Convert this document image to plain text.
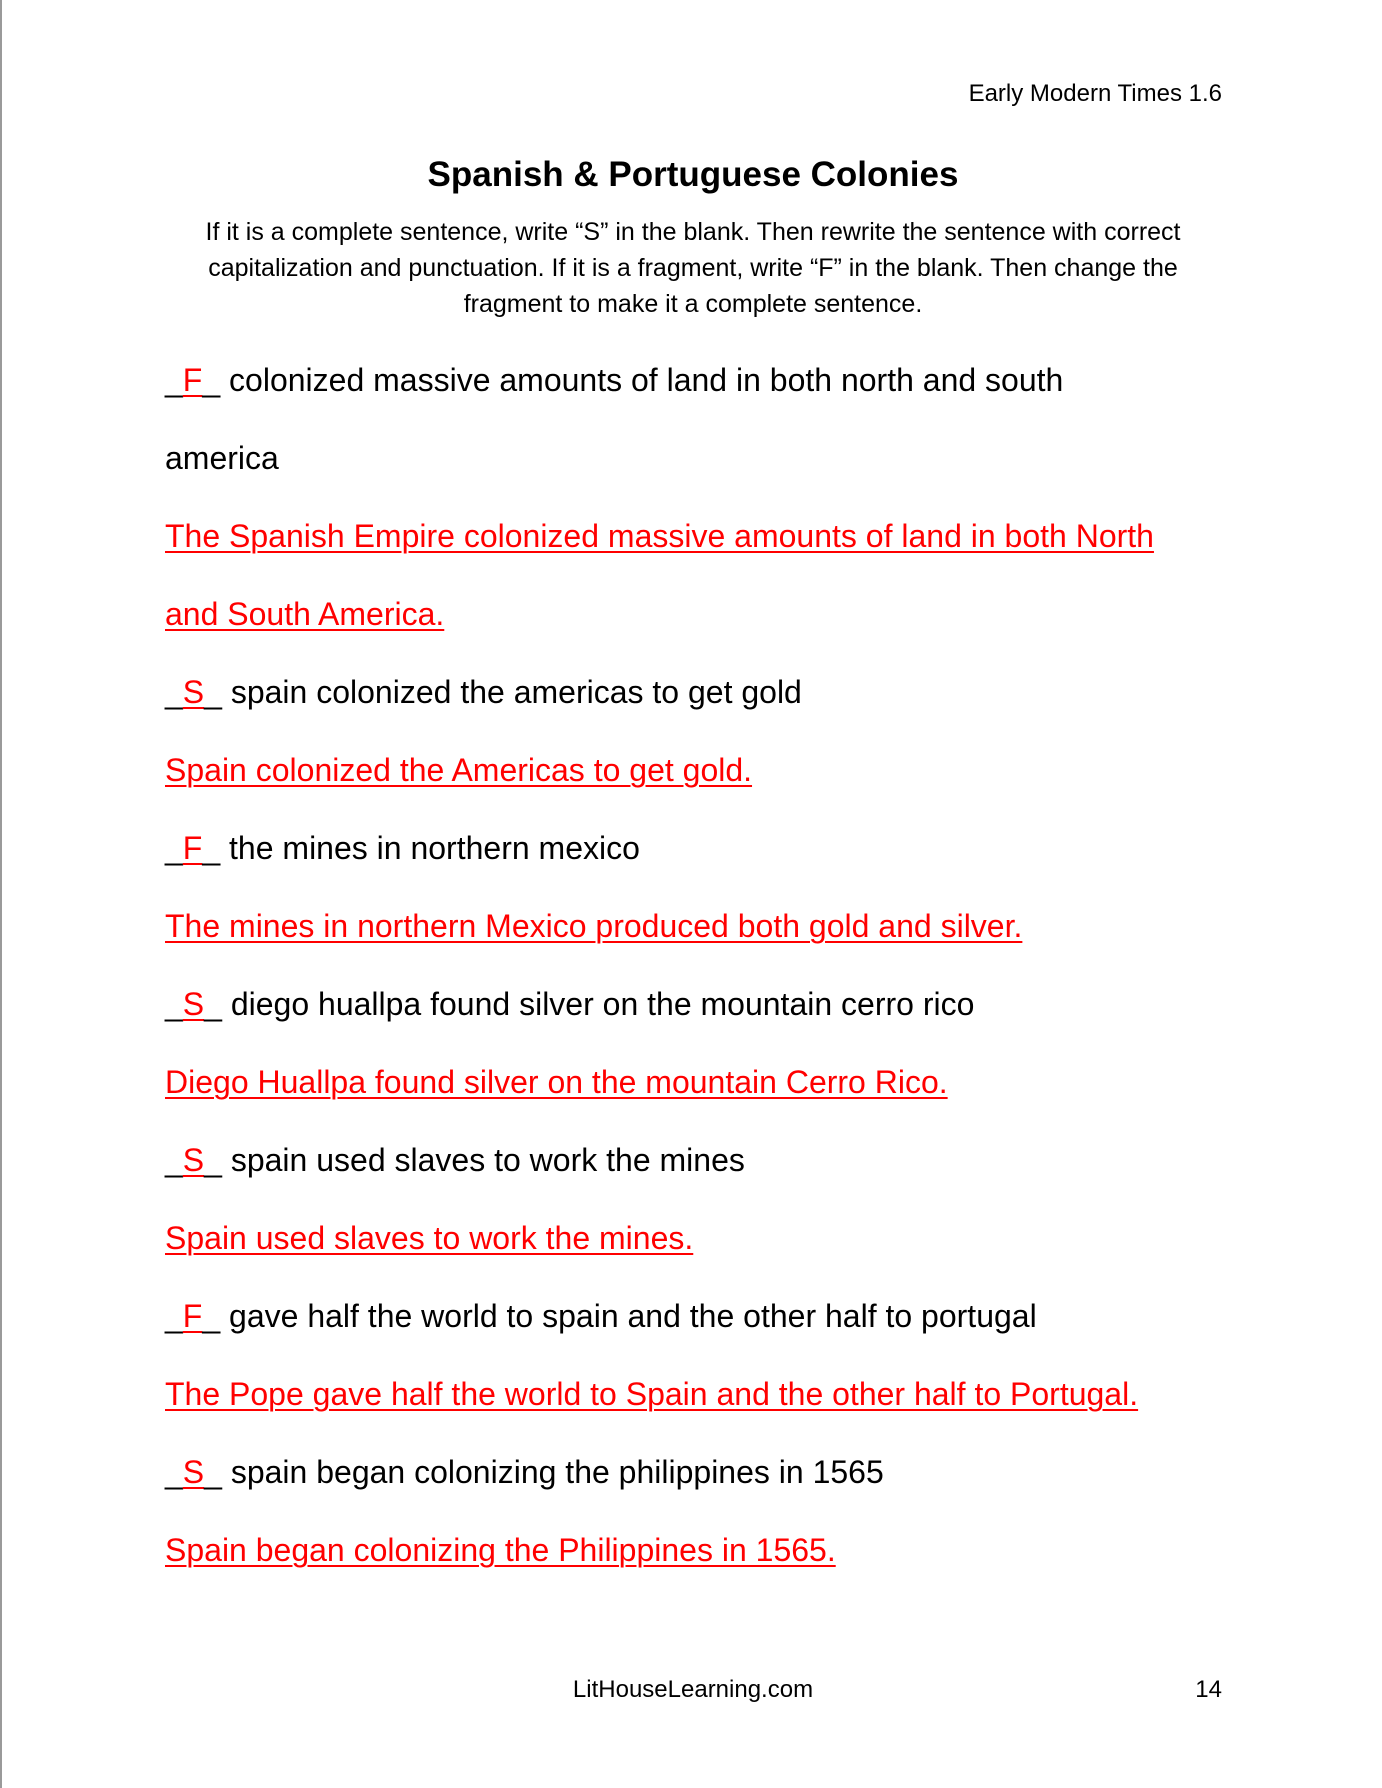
Early Modern Times 1.6
Spanish & Portuguese Colonies
If it is a complete sentence, write “S” in the blank. Then rewrite the sentence with correct capitalization and punctuation. If it is a fragment, write “F” in the blank. Then change the fragment to make it a complete sentence.
_F_ colonized massive amounts of land in both north and south
america
The Spanish Empire colonized massive amounts of land in both North
and South America.
_S_ spain colonized the americas to get gold
Spain colonized the Americas to get gold.
_F_ the mines in northern mexico
The mines in northern Mexico produced both gold and silver.
_S_ diego huallpa found silver on the mountain cerro rico
Diego Huallpa found silver on the mountain Cerro Rico.
_S_ spain used slaves to work the mines
Spain used slaves to work the mines.
_F_ gave half the world to spain and the other half to portugal
The Pope gave half the world to Spain and the other half to Portugal.
_S_ spain began colonizing the philippines in 1565
Spain began colonizing the Philippines in 1565.
LitHouseLearning.com	14
